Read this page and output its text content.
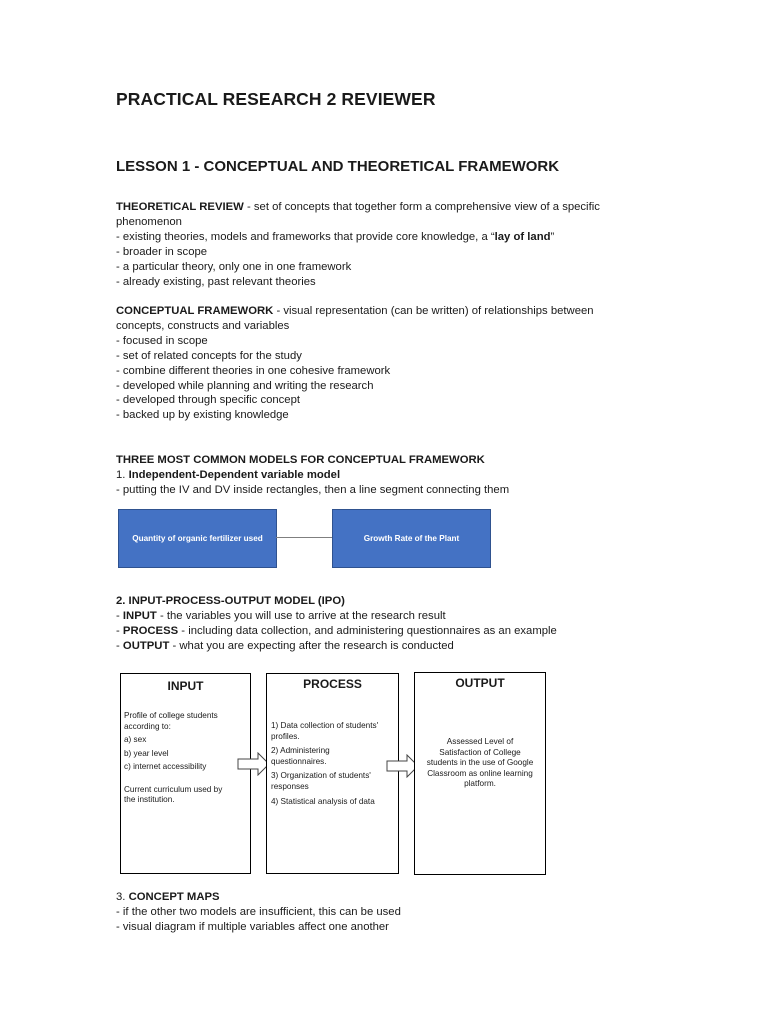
PRACTICAL RESEARCH 2 REVIEWER
LESSON 1 - CONCEPTUAL AND THEORETICAL FRAMEWORK
THEORETICAL REVIEW - set of concepts that together form a comprehensive view of a specific
phenomenon
- existing theories, models and frameworks that provide core knowledge, a “lay of land”
- broader in scope
- a particular theory, only one in one framework
- already existing, past relevant theories
CONCEPTUAL FRAMEWORK - visual representation (can be written) of relationships between
concepts, constructs and variables
- focused in scope
- set of related concepts for the study
- combine different theories in one cohesive framework
- developed while planning and writing the research
- developed through specific concept
- backed up by existing knowledge
THREE MOST COMMON MODELS FOR CONCEPTUAL FRAMEWORK
1. Independent-Dependent variable model
- putting the IV and DV inside rectangles, then a line segment connecting them
Quantity of organic fertilizer used	Growth Rate of the Plant
2. INPUT-PROCESS-OUTPUT MODEL (IPO)
- INPUT - the variables you will use to arrive at the research result
- PROCESS - including data collection, and administering questionnaires as an example
- OUTPUT - what you are expecting after the research is conducted
INPUT
Profile of college students
according to:
a) sex
b) year level
c) internet accessibility
Current curriculum used by
the institution.
PROCESS
1) Data collection of students'
profiles.
2) Administering
questionnaires.
3) Organization of students'
responses
4) Statistical analysis of data
OUTPUT
Assessed Level of
Satisfaction of College
students in the use of Google
Classroom as online learning
platform.
3. CONCEPT MAPS
- if the other two models are insufficient, this can be used
- visual diagram if multiple variables affect one another
